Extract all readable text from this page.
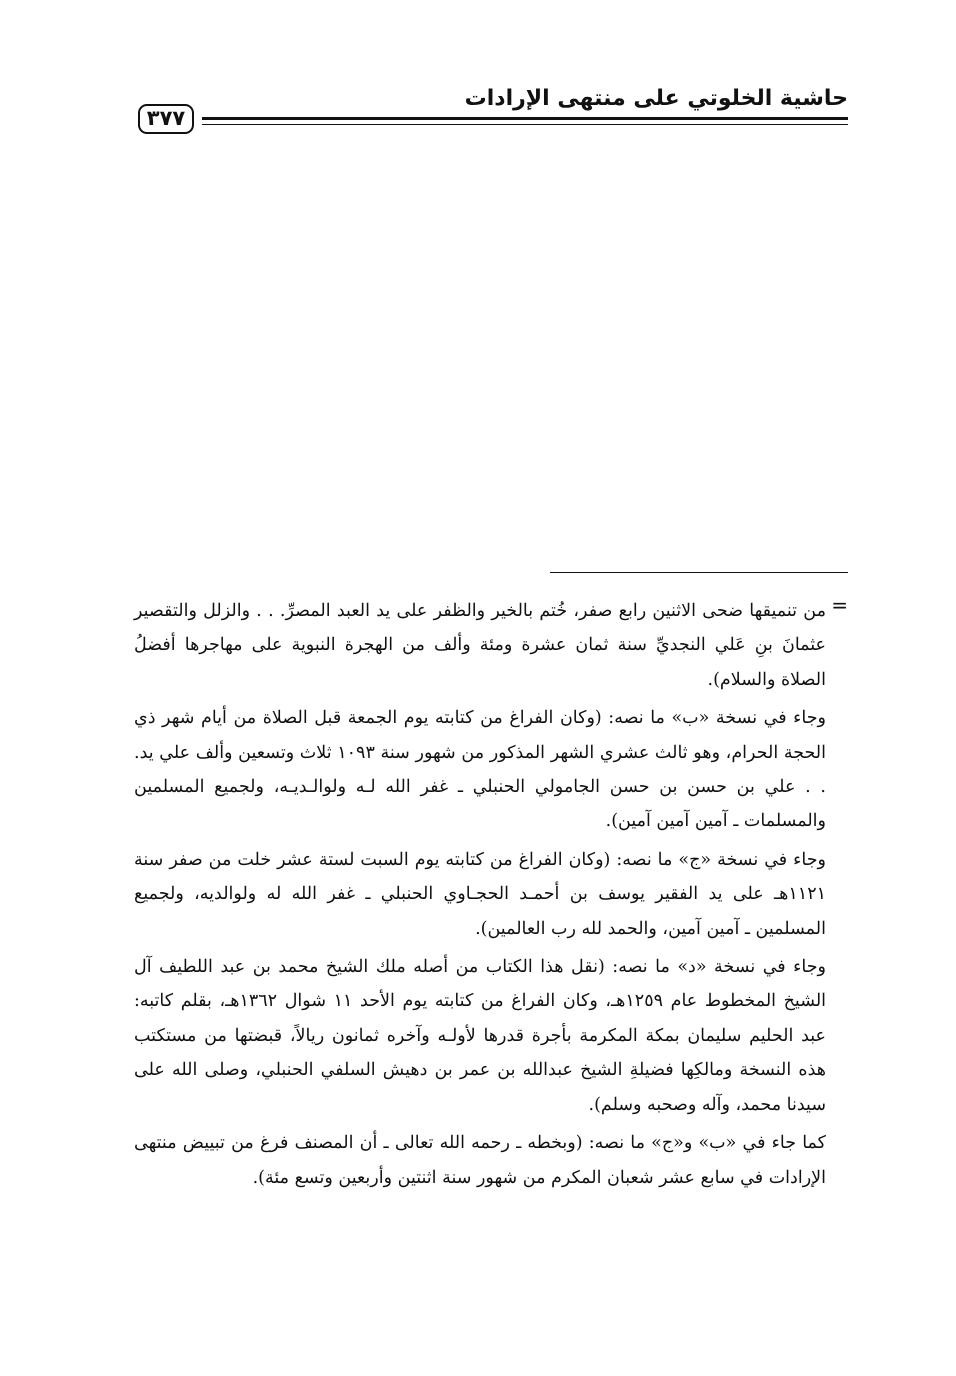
حاشية الخلوتي على منتهى الإرادات
٣٧٧
=

من تنميقها ضحى الاثنين رابع صفر، خُتم بالخير والظفر على يد العبد المصرِّ. . . والزلل والتقصير عثمانَ بنِ عَلي النجديِّ سنة ثمان عشرة ومئة وألف من الهجرة النبوية على مهاجرها أفضلُ الصلاة والسلام).

وجاء في نسخة «ب» ما نصه: (وكان الفراغ من كتابته يوم الجمعة قبل الصلاة من أيام شهر ذي الحجة الحرام، وهو ثالث عشري الشهر المذكور من شهور سنة ١٠٩٣ ثلاث وتسعين وألف علي يد. . . علي بن حسن بن حسن الجامولي الحنبلي ـ غفر الله لـه ولوالـديـه، ولجميع المسلمين والمسلمات ـ آمين آمين آمين).

وجاء في نسخة «ج» ما نصه: (وكان الفراغ من كتابته يوم السبت لستة عشر خلت من صفر سنة ١١٢١هـ على يد الفقير يوسف بن أحمـد الحجـاوي الحنبلي ـ غفر الله له ولوالديه، ولجميع المسلمين ـ آمين آمين، والحمد لله رب العالمين).

وجاء في نسخة «د» ما نصه: (نقل هذا الكتاب من أصله ملك الشيخ محمد بن عبد اللطيف آل الشيخ المخطوط عام ١٢٥٩هـ، وكان الفراغ من كتابته يوم الأحد ١١ شوال ١٣٦٢هـ، بقلم كاتبه: عبد الحليم سليمان بمكة المكرمة بأجرة قدرها لأولـه وآخره ثمانون ريالاً، قبضتها من مستكتب هذه النسخة ومالكِها فضيلةِ الشيخ عبدالله بن عمر بن دهيش السلفي الحنبلي، وصلى الله على سيدنا محمد، وآله وصحبه وسلم).

كما جاء في «ب» و«ج» ما نصه: (وبخطه ـ رحمه الله تعالى ـ أن المصنف فرغ من تبييض منتهى الإرادات في سابع عشر شعبان المكرم من شهور سنة اثنتين وأربعين وتسع مئة).
